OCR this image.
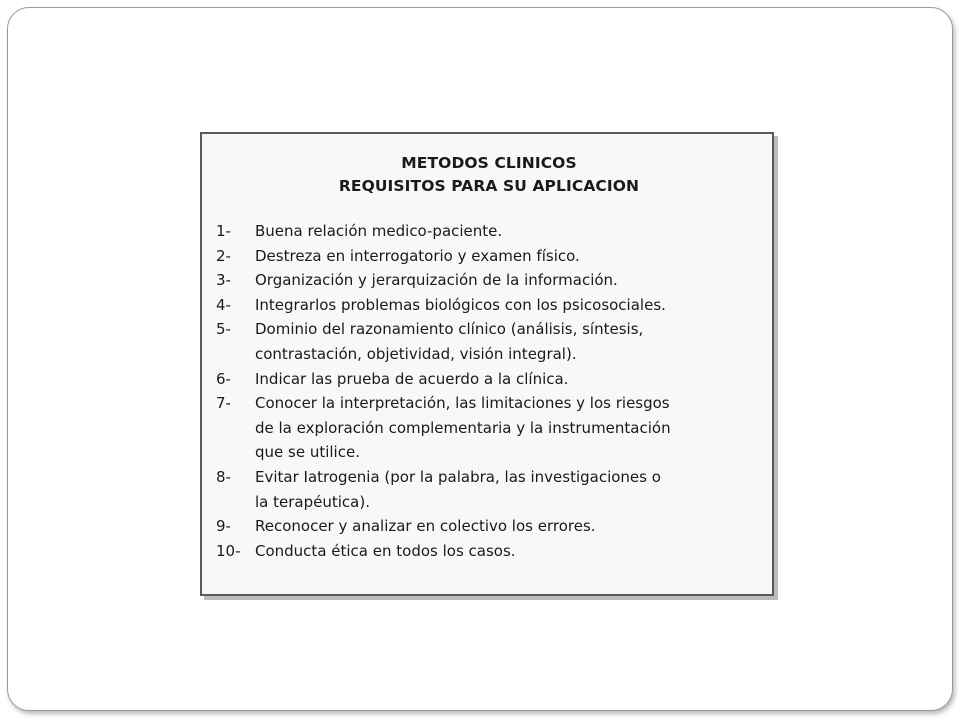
METODOS CLINICOS
REQUISITOS PARA SU APLICACION
1-	Buena relación medico-paciente.
2-	Destreza en interrogatorio y examen físico.
3-	Organización y jerarquización de la información.
4-	Integrarlos problemas biológicos con los psicosociales.
5-	Dominio del razonamiento clínico (análisis, síntesis,
contrastación, objetividad, visión integral).
6-	Indicar las prueba de acuerdo a la clínica.
7-	Conocer la interpretación, las limitaciones y los riesgos
de la exploración complementaria y la instrumentación
que se utilice.
8-	Evitar Iatrogenia (por la palabra, las investigaciones o
la terapéutica).
9-	Reconocer y analizar en colectivo los errores.
10- Conducta ética en todos los casos.
